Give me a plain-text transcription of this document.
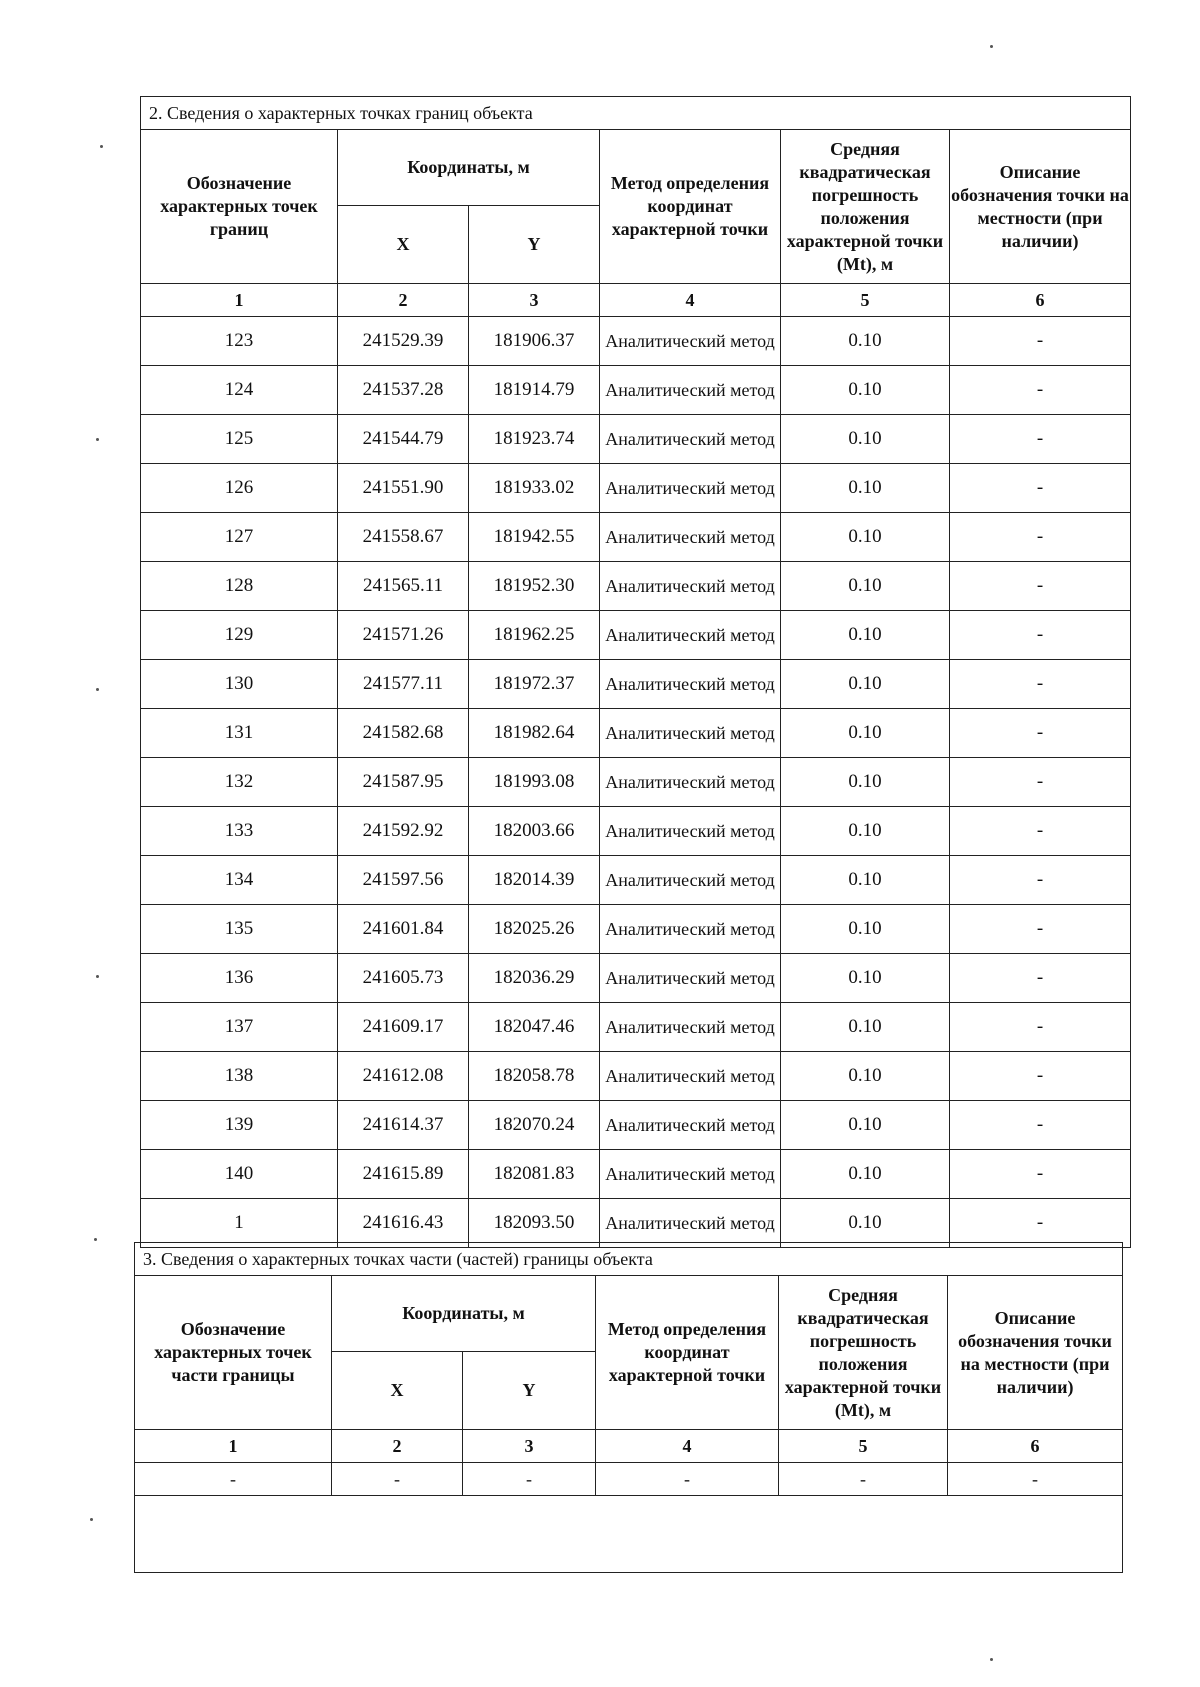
2. Сведения о характерных точках границ объекта					
Обозначение характерных точек границ	Координаты, м		Метод определения координат характерной точки	Средняя квадратическая погрешность положения характерной точки (Mt), м	Описание обозначения точки на местности (при наличии)
	X	Y			
1	2	3	4	5	6
123	241529.39	181906.37	Аналитический метод	0.10	-
124	241537.28	181914.79	Аналитический метод	0.10	-
125	241544.79	181923.74	Аналитический метод	0.10	-
126	241551.90	181933.02	Аналитический метод	0.10	-
127	241558.67	181942.55	Аналитический метод	0.10	-
128	241565.11	181952.30	Аналитический метод	0.10	-
129	241571.26	181962.25	Аналитический метод	0.10	-
130	241577.11	181972.37	Аналитический метод	0.10	-
131	241582.68	181982.64	Аналитический метод	0.10	-
132	241587.95	181993.08	Аналитический метод	0.10	-
133	241592.92	182003.66	Аналитический метод	0.10	-
134	241597.56	182014.39	Аналитический метод	0.10	-
135	241601.84	182025.26	Аналитический метод	0.10	-
136	241605.73	182036.29	Аналитический метод	0.10	-
137	241609.17	182047.46	Аналитический метод	0.10	-
138	241612.08	182058.78	Аналитический метод	0.10	-
139	241614.37	182070.24	Аналитический метод	0.10	-
140	241615.89	182081.83	Аналитический метод	0.10	-
1	241616.43	182093.50	Аналитический метод	0.10	-
3. Сведения о характерных точках части (частей) границы объекта					
Обозначение характерных точек части границы	Координаты, м		Метод определения координат характерной точки	Средняя квадратическая погрешность положения характерной точки (Mt), м	Описание обозначения точки на местности (при наличии)
	X	Y			
1	2	3	4	5	6
-	-	-	-	-	-
